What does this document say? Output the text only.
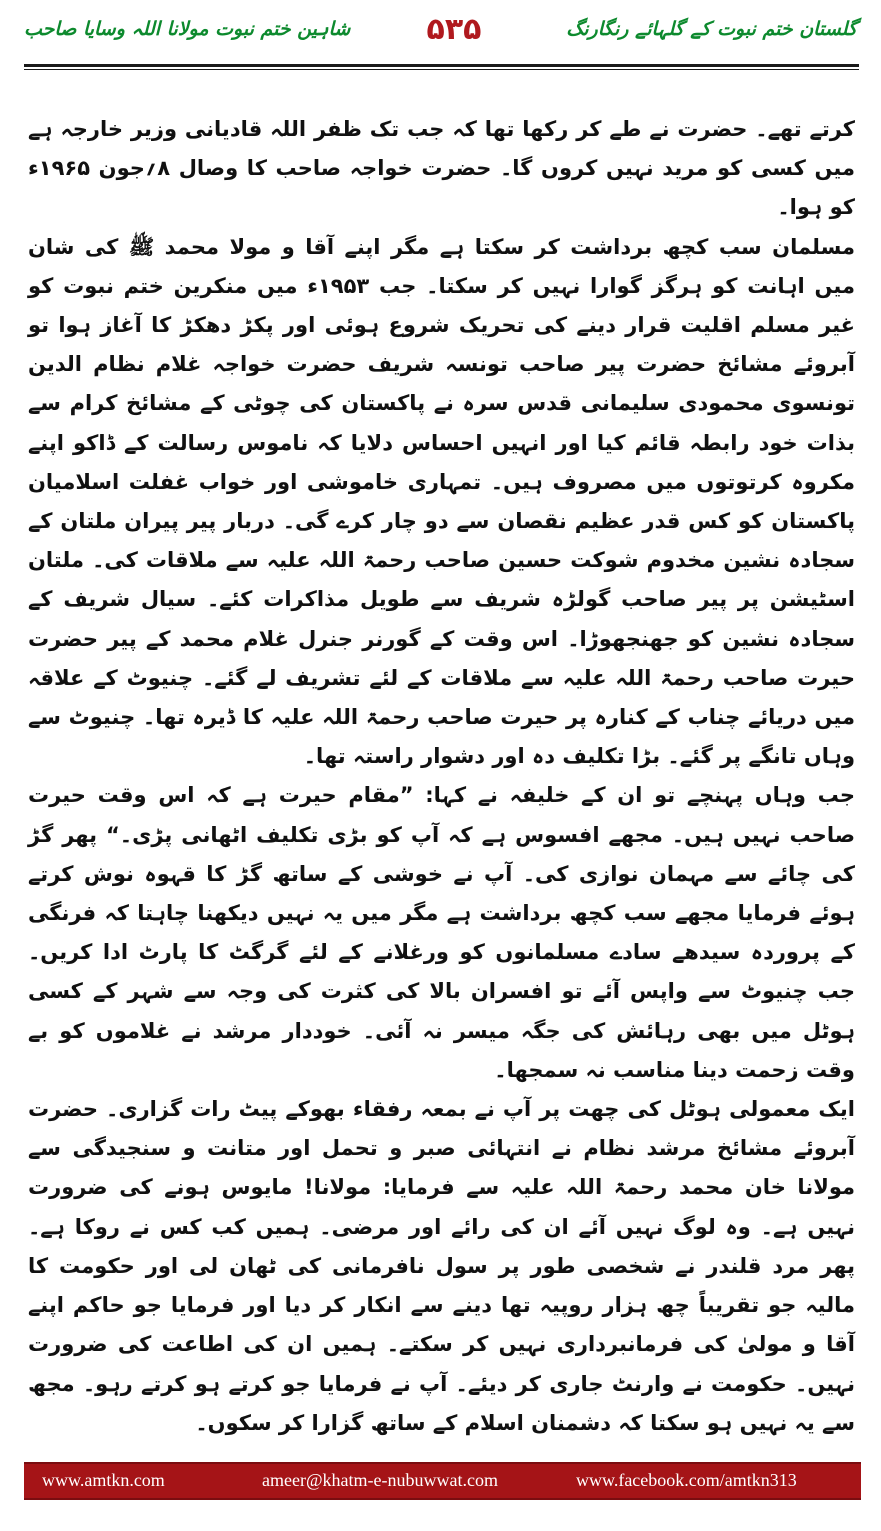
شاہین ختم نبوت مولانا اللہ وسایا صاحب	۵۳۵	گلستان ختم نبوت کے گلہائے رنگارنگ

کرتے تھے۔ حضرت نے طے کر رکھا تھا کہ جب تک ظفر اللہ قادیانی وزیر خارجہ ہے میں کسی کو مرید نہیں کروں گا۔ حضرت خواجہ صاحب کا وصال ۸؍جون ۱۹۶۵ء کو ہوا۔

مسلمان سب کچھ برداشت کر سکتا ہے مگر اپنے آقا و مولا محمد ﷺ کی شان میں اہانت کو ہرگز گوارا نہیں کر سکتا۔ جب ۱۹۵۳ء میں منکرین ختم نبوت کو غیر مسلم اقلیت قرار دینے کی تحریک شروع ہوئی اور پکڑ دھکڑ کا آغاز ہوا تو آبروئے مشائخ حضرت پیر صاحب تونسہ شریف حضرت خواجہ غلام نظام الدین تونسوی محمودی سلیمانی قدس سرہ نے پاکستان کی چوٹی کے مشائخ کرام سے بذات خود رابطہ قائم کیا اور انہیں احساس دلایا کہ ناموس رسالت کے ڈاکو اپنے مکروہ کرتوتوں میں مصروف ہیں۔ تمہاری خاموشی اور خواب غفلت اسلامیان پاکستان کو کس قدر عظیم نقصان سے دو چار کرے گی۔ دربار پیر پیران ملتان کے سجادہ نشین مخدوم شوکت حسین صاحب رحمۃ اللہ علیہ سے ملاقات کی۔ ملتان اسٹیشن پر پیر صاحب گولڑہ شریف سے طویل مذاکرات کئے۔ سیال شریف کے سجادہ نشین کو جھنجھوڑا۔ اس وقت کے گورنر جنرل غلام محمد کے پیر حضرت حیرت صاحب رحمۃ اللہ علیہ سے ملاقات کے لئے تشریف لے گئے۔ چنیوٹ کے علاقہ میں دریائے چناب کے کنارہ پر حیرت صاحب رحمۃ اللہ علیہ کا ڈیرہ تھا۔ چنیوٹ سے وہاں تانگے پر گئے۔ بڑا تکلیف دہ اور دشوار راستہ تھا۔

جب وہاں پہنچے تو ان کے خلیفہ نے کہا: ”مقام حیرت ہے کہ اس وقت حیرت صاحب نہیں ہیں۔ مجھے افسوس ہے کہ آپ کو بڑی تکلیف اٹھانی پڑی۔“ پھر گڑ کی چائے سے مہمان نوازی کی۔ آپ نے خوشی کے ساتھ گڑ کا قہوہ نوش کرتے ہوئے فرمایا مجھے سب کچھ برداشت ہے مگر میں یہ نہیں دیکھنا چاہتا کہ فرنگی کے پروردہ سیدھے سادے مسلمانوں کو ورغلانے کے لئے گرگٹ کا پارٹ ادا کریں۔ جب چنیوٹ سے واپس آئے تو افسران بالا کی کثرت کی وجہ سے شہر کے کسی ہوٹل میں بھی رہائش کی جگہ میسر نہ آئی۔ خوددار مرشد نے غلاموں کو بے وقت زحمت دینا مناسب نہ سمجھا۔

ایک معمولی ہوٹل کی چھت پر آپ نے بمعہ رفقاء بھوکے پیٹ رات گزاری۔ حضرت آبروئے مشائخ مرشد نظام نے انتہائی صبر و تحمل اور متانت و سنجیدگی سے مولانا خان محمد رحمۃ اللہ علیہ سے فرمایا: مولانا! مایوس ہونے کی ضرورت نہیں ہے۔ وہ لوگ نہیں آئے ان کی رائے اور مرضی۔ ہمیں کب کس نے روکا ہے۔ پھر مرد قلندر نے شخصی طور پر سول نافرمانی کی ٹھان لی اور حکومت کا مالیہ جو تقریباً چھ ہزار روپیہ تھا دینے سے انکار کر دیا اور فرمایا جو حاکم اپنے آقا و مولیٰ کی فرمانبرداری نہیں کر سکتے۔ ہمیں ان کی اطاعت کی ضرورت نہیں۔ حکومت نے وارنٹ جاری کر دیئے۔ آپ نے فرمایا جو کرتے ہو کرتے رہو۔ مجھ سے یہ نہیں ہو سکتا کہ دشمنان اسلام کے ساتھ گزارا کر سکوں۔

www.amtkn.com	ameer@khatm-e-nubuwwat.com	www.facebook.com/amtkn313
